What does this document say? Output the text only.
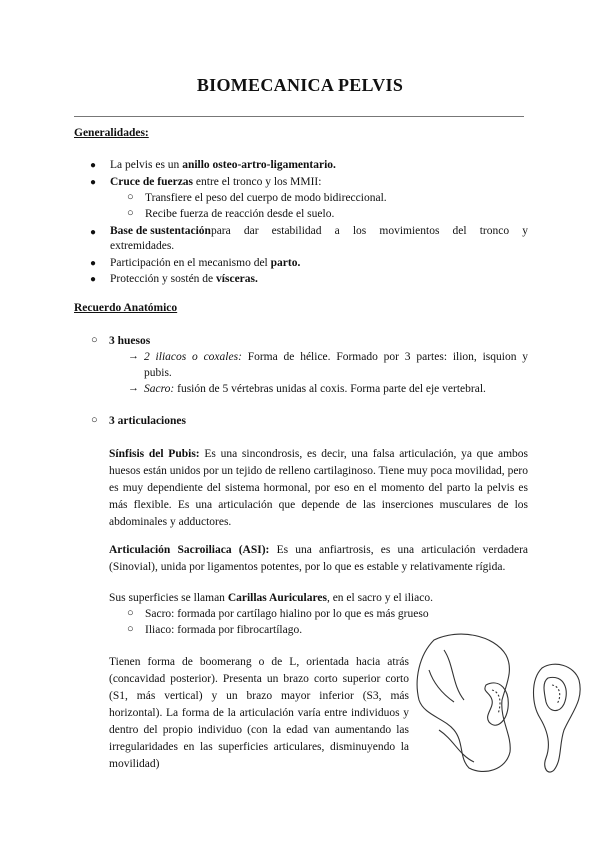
BIOMECANICA PELVIS
Generalidades:
● La pelvis es un anillo osteo-artro-ligamentario.
● Cruce de fuerzas entre el tronco y los MMII:
○ Transfiere el peso del cuerpo de modo bidireccional.
○ Recibe fuerza de reacción desde el suelo.
● Base de sustentación para dar estabilidad a los movimientos del tronco y
extremidades.
● Participación en el mecanismo del parto.
● Protección y sostén de vísceras.
Recuerdo Anatómico
○ 3 huesos
→ 2 iliacos o coxales: Forma de hélice. Formado por 3 partes: ilion, isquion y
pubis.
→ Sacro: fusión de 5 vértebras unidas al coxis. Forma parte del eje vertebral.
○ 3 articulaciones
Sínfisis del Pubis: Es una sincondrosis, es decir, una falsa articulación, ya que ambos huesos están unidos por un tejido de relleno cartilaginoso. Tiene muy poca movilidad, pero es muy dependiente del sistema hormonal, por eso en el momento del parto la pelvis es más flexible. Es una articulación que depende de las inserciones musculares de los abdominales y adductores.
Articulación Sacroiliaca (ASI): Es una anfiartrosis, es una articulación verdadera (Sinovial), unida por ligamentos potentes, por lo que es estable y relativamente rígida.
Sus superficies se llaman Carillas Auriculares, en el sacro y el iliaco.
○ Sacro: formada por cartílago hialino por lo que es más grueso
○ Iliaco: formada por fibrocartílago.
Tienen forma de boomerang o de L, orientada hacia atrás (concavidad posterior). Presenta un brazo corto superior corto (S1, más vertical) y un brazo mayor inferior (S3, más horizontal). La forma de la articulación varía entre individuos y dentro del propio individuo (con la edad van aumentando las irregularidades en las superficies articulares, disminuyendo la movilidad)
